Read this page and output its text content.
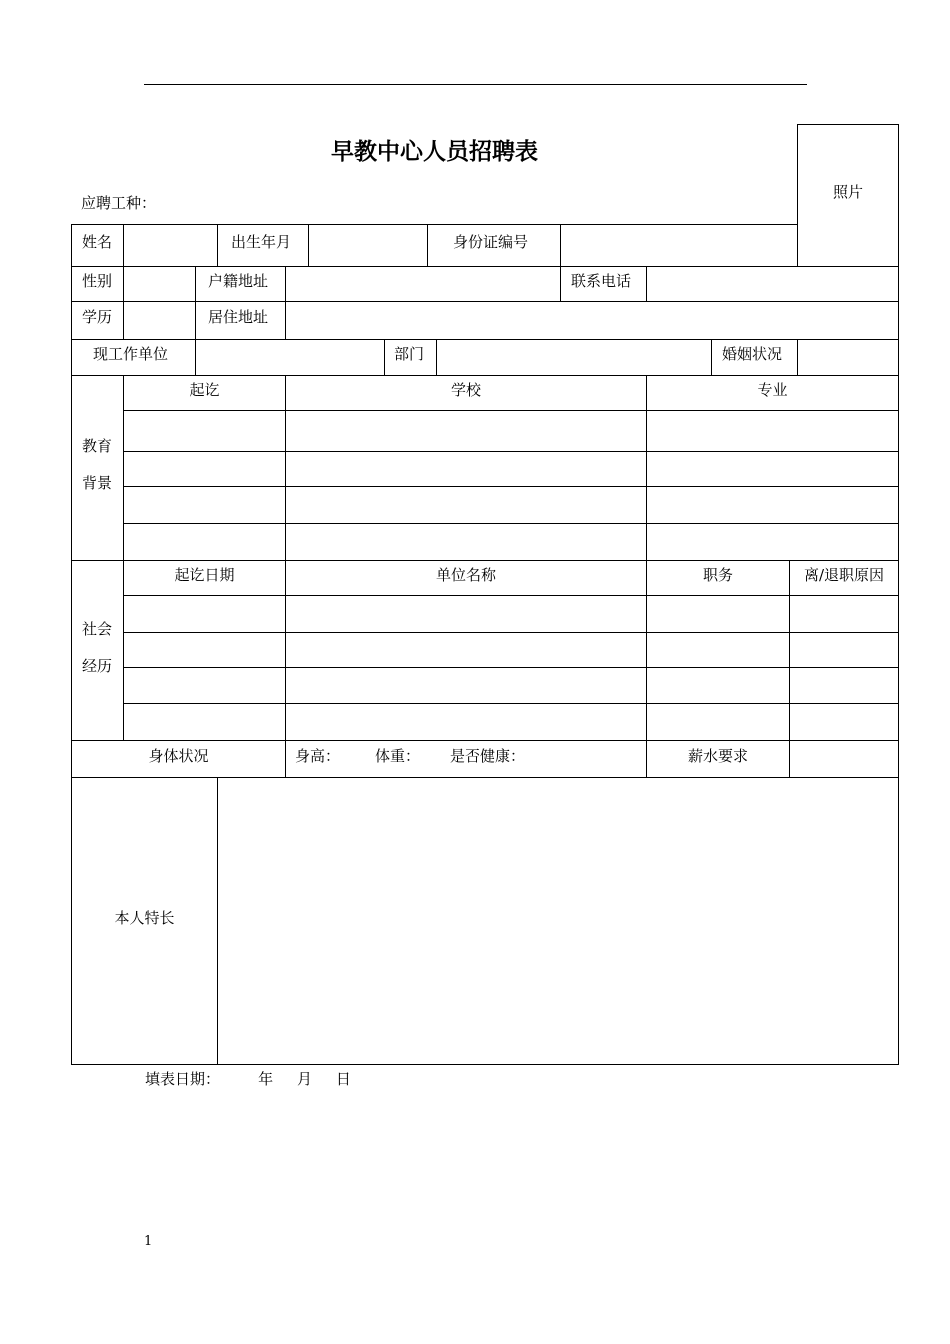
早教中心人员招聘表
应聘工种：
照片
姓名	出生年月	身份证编号
性别	户籍地址	联系电话
学历	居住地址
现工作单位	部门	婚姻状况
教育
背景
起讫	学校	专业
社会
经历
起讫日期	单位名称	职务	离/退职原因
身体状况	身高： 体重： 是否健康：	薪水要求
本人特长
填表日期：        年     月     日
1
